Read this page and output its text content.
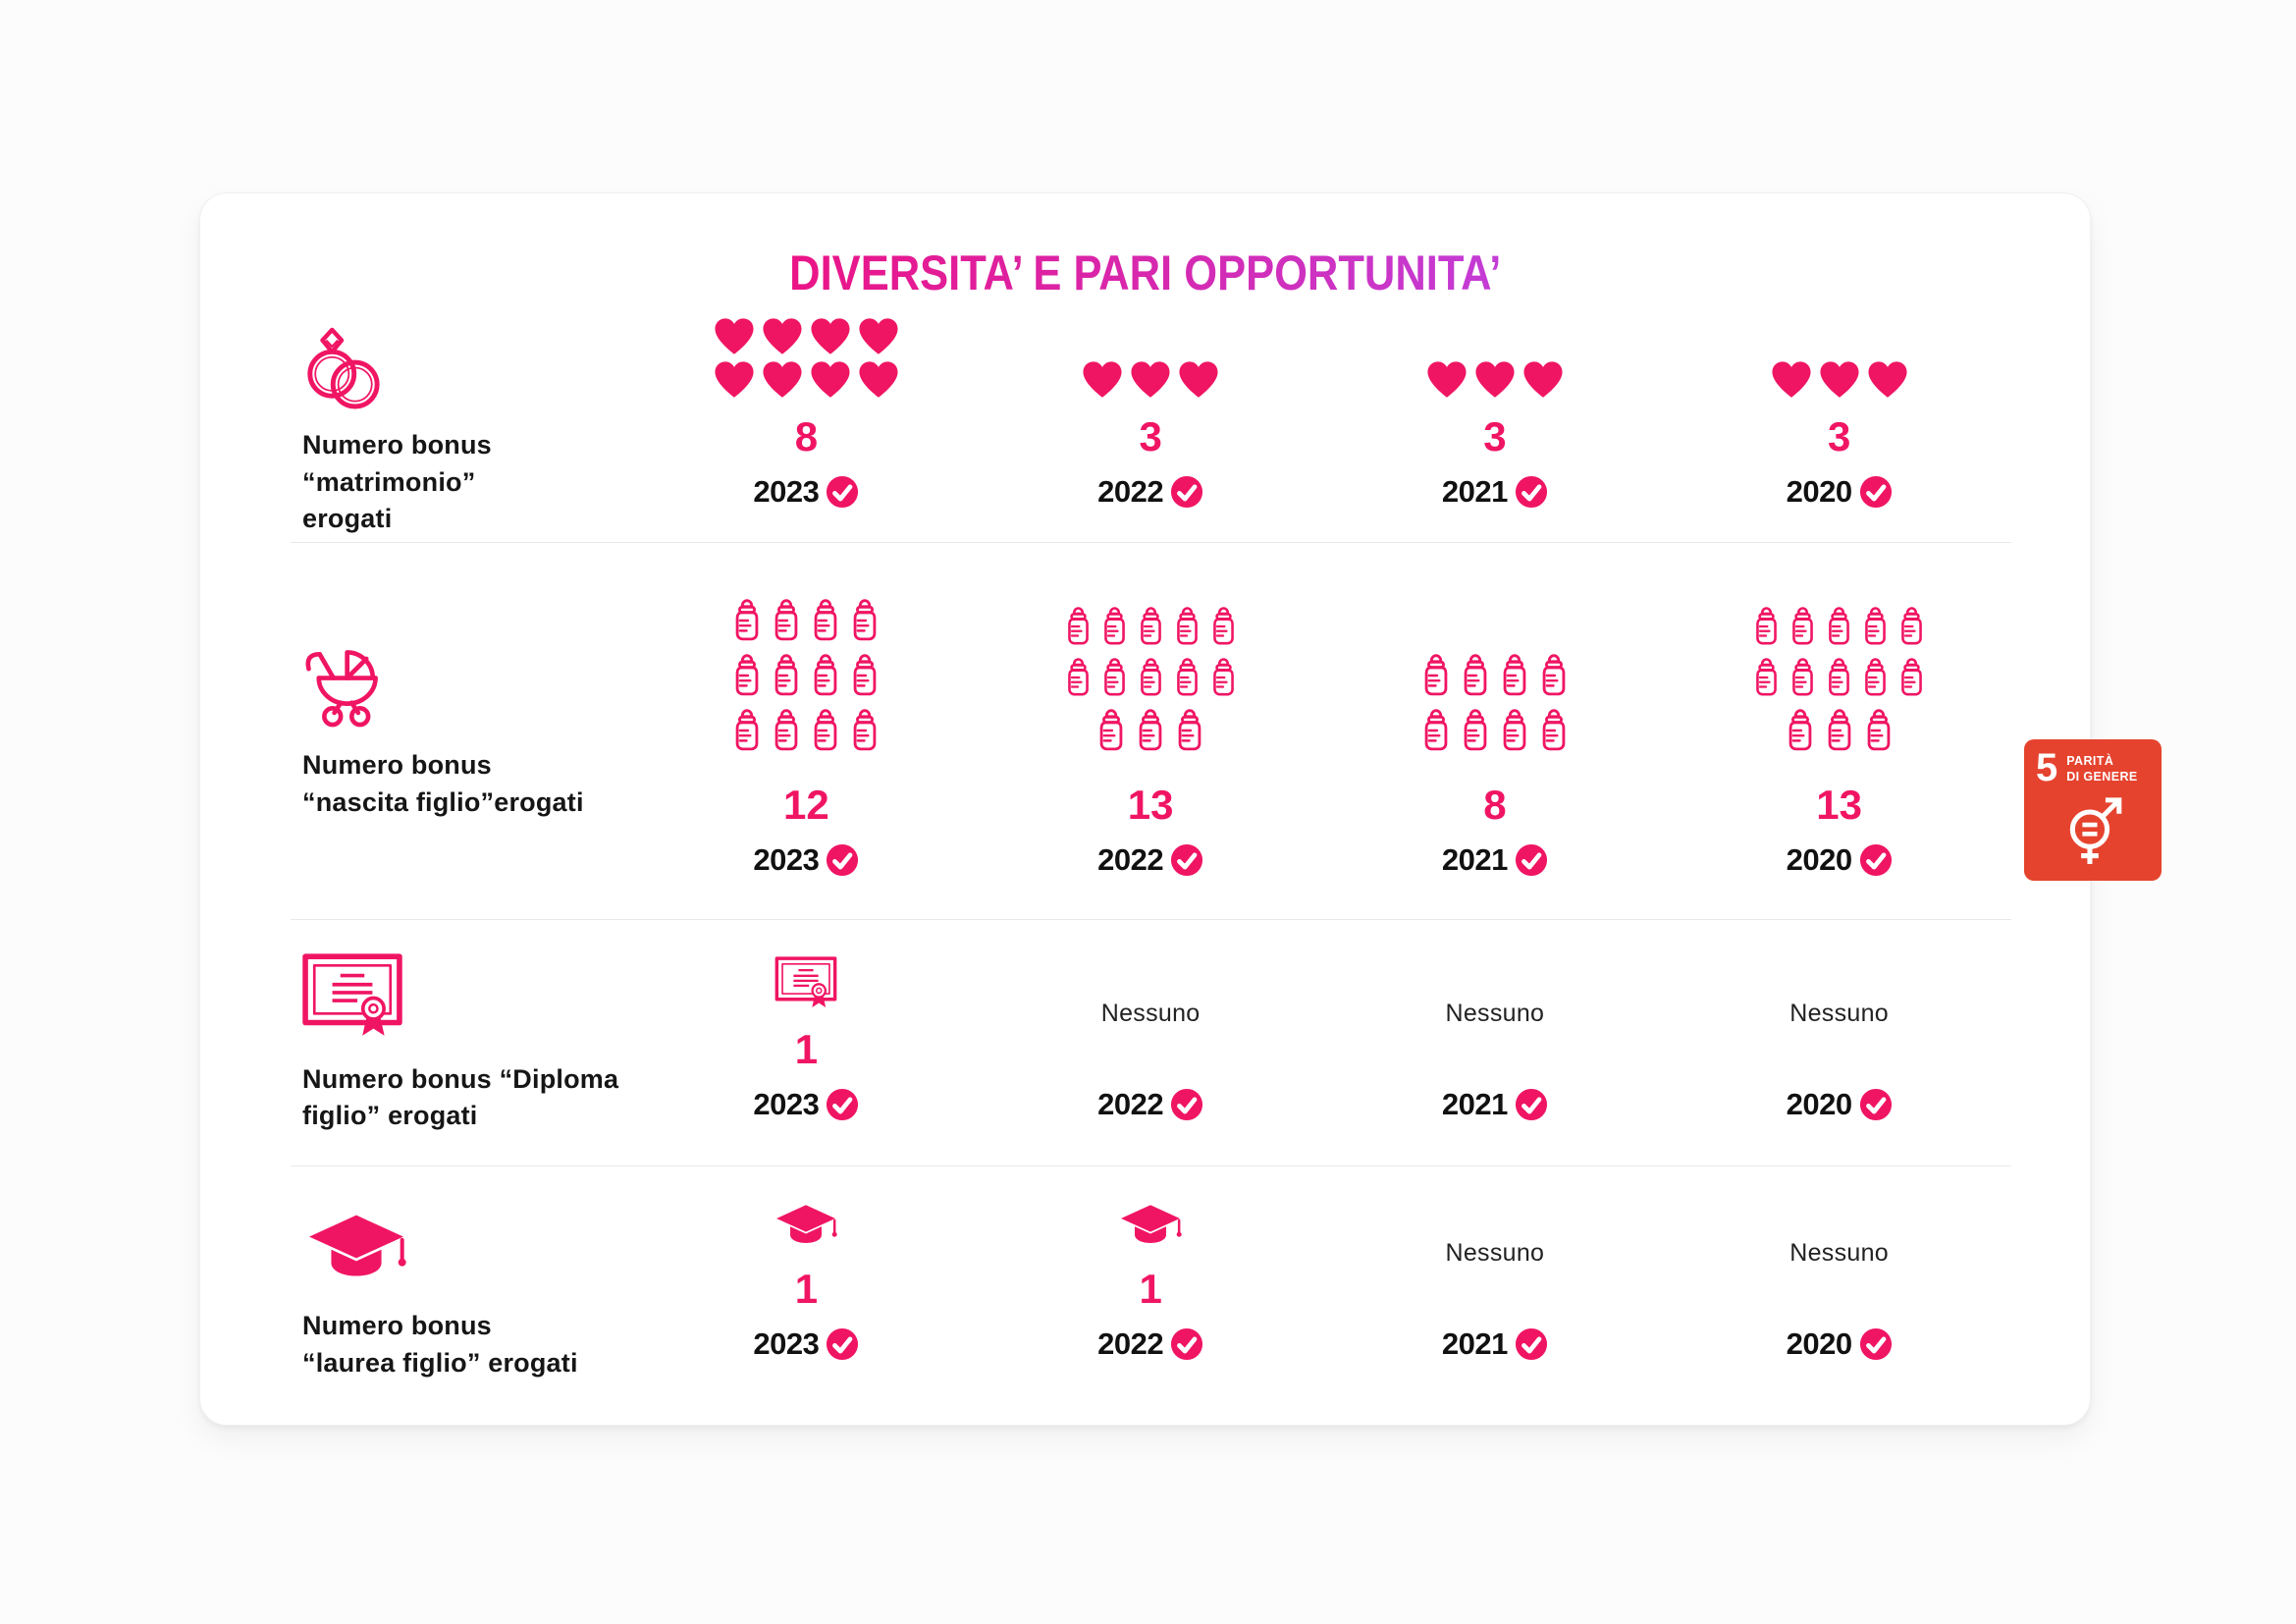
DIVERSITA’ E PARI OPPORTUNITA’
Numero bonus “matrimonio”
erogati
8
2023
3
2022
3
2021
3
2020
Numero bonus
“nascita figlio”erogati	12
2023
13
2022
8
2021
13
2020
Numero bonus “Diploma
figlio” erogati
1
2023
Nessuno
2022
Nessuno
2021
Nessuno
2020
Numero bonus
“laurea figlio” erogati
1
2023
1
2022
Nessuno
2021
Nessuno
2020
5 PARITÀ
DI GENERE
